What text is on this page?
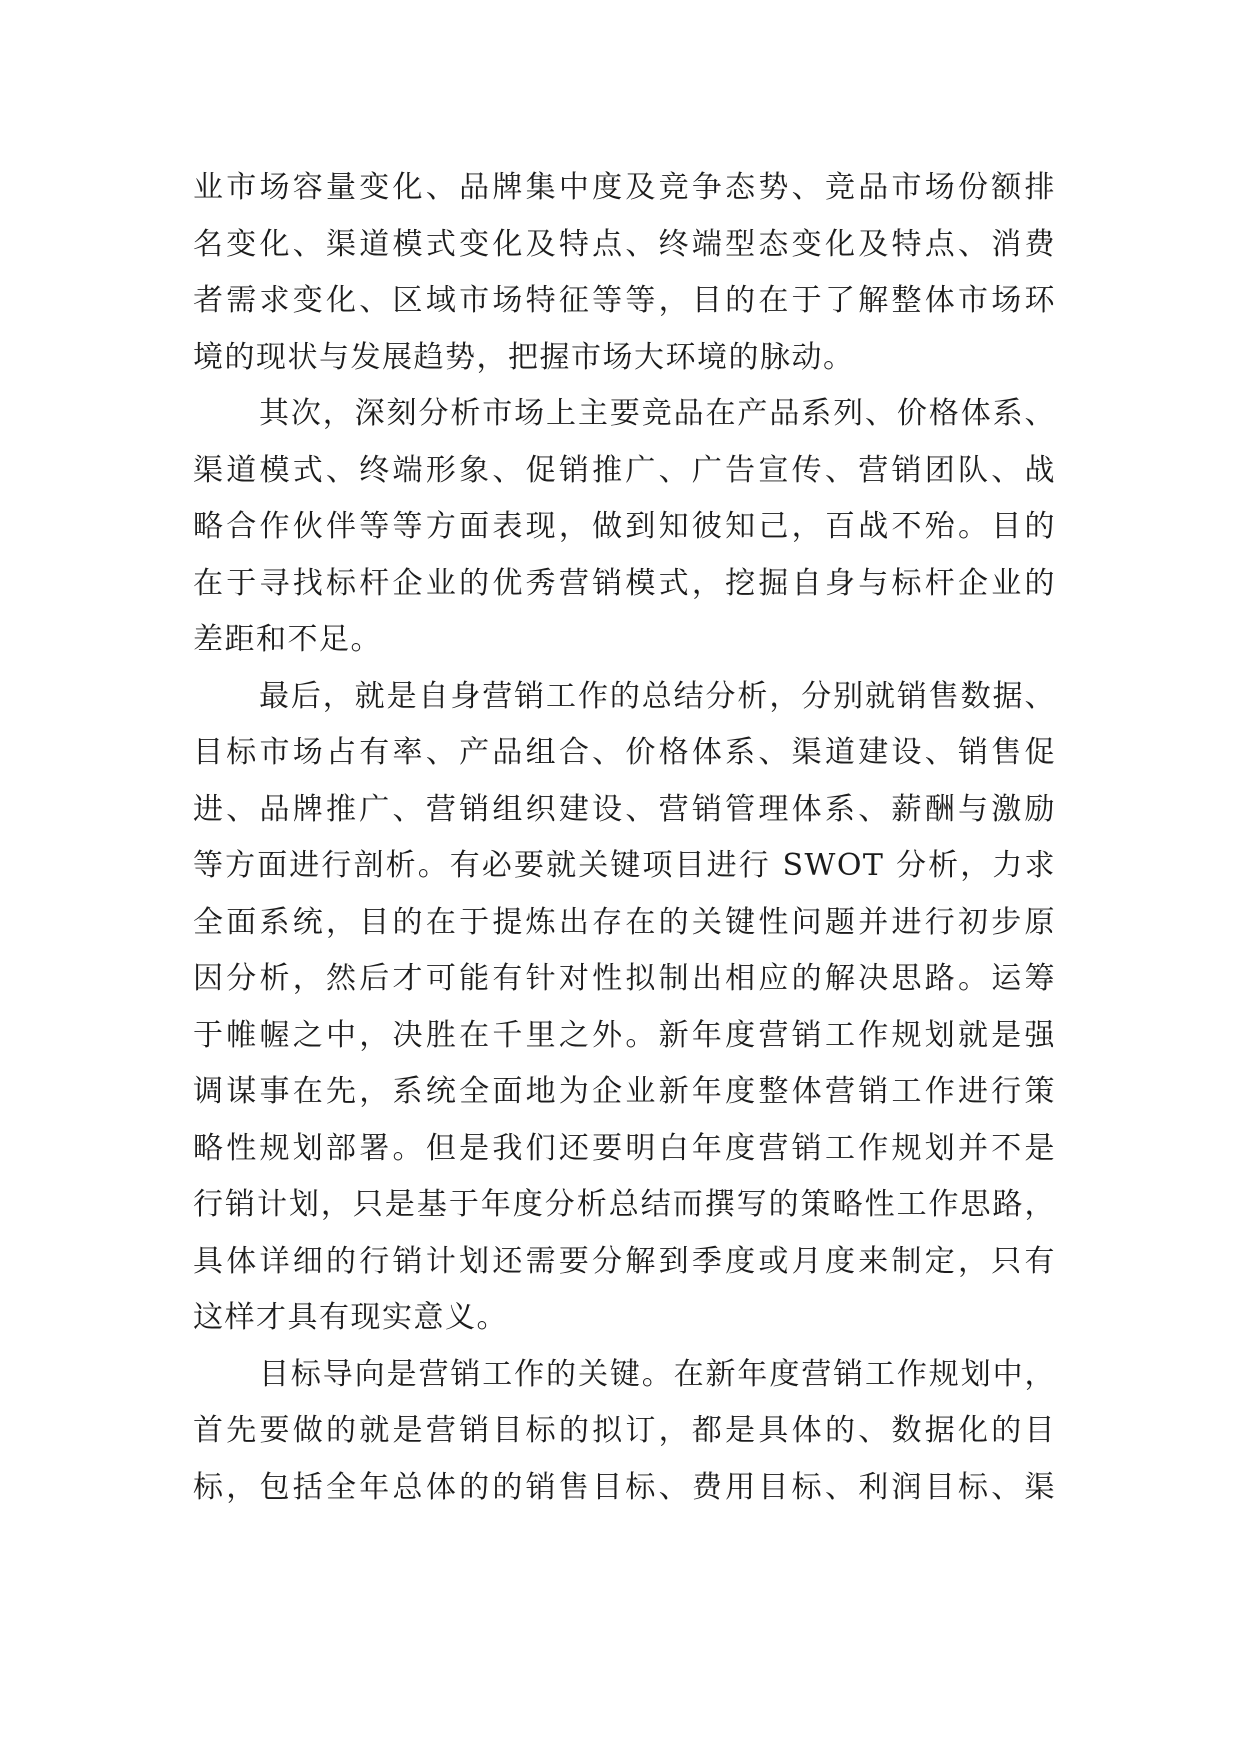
业市场容量变化、品牌集中度及竞争态势、竞品市场份额排
名变化、渠道模式变化及特点、终端型态变化及特点、消费
者需求变化、区域市场特征等等，目的在于了解整体市场环
境的现状与发展趋势，把握市场大环境的脉动。
其次，深刻分析市场上主要竞品在产品系列、价格体系、
渠道模式、终端形象、促销推广、广告宣传、营销团队、战
略合作伙伴等等方面表现，做到知彼知己，百战不殆。目的
在于寻找标杆企业的优秀营销模式，挖掘自身与标杆企业的
差距和不足。
最后，就是自身营销工作的总结分析，分别就销售数据、
目标市场占有率、产品组合、价格体系、渠道建设、销售促
进、品牌推广、营销组织建设、营销管理体系、薪酬与激励
等方面进行剖析。有必要就关键项目进行 SWOT 分析，力求
全面系统，目的在于提炼出存在的关键性问题并进行初步原
因分析，然后才可能有针对性拟制出相应的解决思路。运筹
于帷幄之中，决胜在千里之外。新年度营销工作规划就是强
调谋事在先，系统全面地为企业新年度整体营销工作进行策
略性规划部署。但是我们还要明白年度营销工作规划并不是
行销计划，只是基于年度分析总结而撰写的策略性工作思路，
具体详细的行销计划还需要分解到季度或月度来制定，只有
这样才具有现实意义。
目标导向是营销工作的关键。在新年度营销工作规划中，
首先要做的就是营销目标的拟订，都是具体的、数据化的目
标，包括全年总体的的销售目标、费用目标、利润目标、渠
